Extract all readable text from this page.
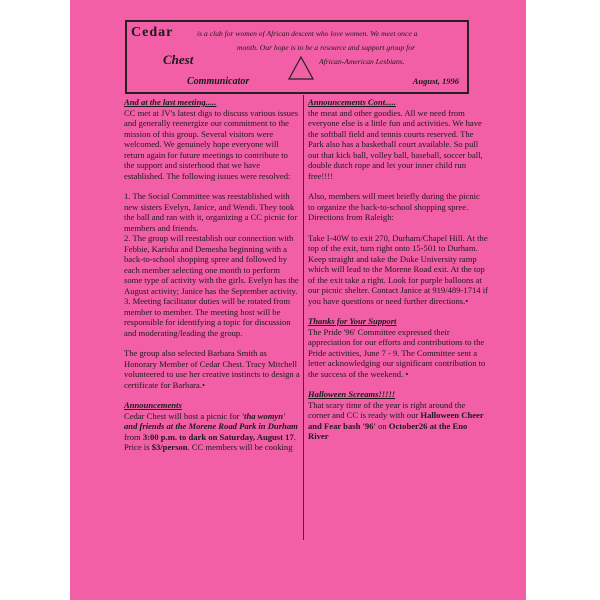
Cedar	is a club for women of African descent who love women. We meet once a
month. Our hope is to be a resource and support group for
African-American Lesbians.
Chest
Communicator	August, 1996
And at the last meeting.....

CC met at JV's latest digs to discuss various issues and generally reenergize our commitment to the mission of this group. Several visitors were welcomed. We genuinely hope everyone will return again for future meetings to contribute to the support and sisterhood that we have established. The following issues were resolved:

1. The Social Committee was reestablished with new sisters Evelyn, Janice, and Wendi. They took the ball and ran with it, organizing a CC picnic for members and friends.
2. The group will reestablish our connection with Febbie, Karisha and Demesha beginning with a back-to-school shopping spree and followed by each member selecting one month to perform some type of activity with the girls. Evelyn has the August activity; Janice has the September activity.

3. Meeting facilitator duties will be rotated from member to member. The meeting host will be responsible for identifying a topic for discussion and moderating/leading the group.

The group also selected Barbara Smith as Honorary Member of Cedar Chest. Tracy Mitchell volunteered to use her creative instincts to design a certificate for Barbara.•

Announcements

Cedar Chest will host a picnic for 'tha womyn' and friends at the Morene Road Park in Durham from 3:00 p.m. to dark on Saturday, August 17. Price is $3/person. CC members will be cooking

Announcements Cont.....

the meat and other goodies. All we need from everyone else is a little fun and activities. We have the softball field and tennis courts reserved. The Park also has a basketball court available. So pull out that kick ball, volley ball, baseball, soccer ball, double dutch rope and let your inner child run free!!!!

Also, members will meet briefly during the picnic to organize the back-to-school shopping spree. Directions from Raleigh:

Take I-40W to exit 270, Durham/Chapel Hill. At the top of the exit, turn right onto 15-501 to Durham. Keep straight and take the Duke University ramp which will lead to the Morene Road exit. At the top of the exit take a right. Look for purple balloons at our picnic shelter. Contact Janice at 919/489-1714 if you have questions or need further directions.•

Thanks for Your Support

The Pride '96' Committee expressed their appreciation for our efforts and contributions to the Pride activities, June 7 - 9. The Committee sent a letter acknowledging our significant contribution to the success of the weekend. •

Halloween Screams!!!!!

That scary time of the year is right around the corner and CC is ready with our Halloween Cheer and Fear bash '96' on October26 at the Eno River
